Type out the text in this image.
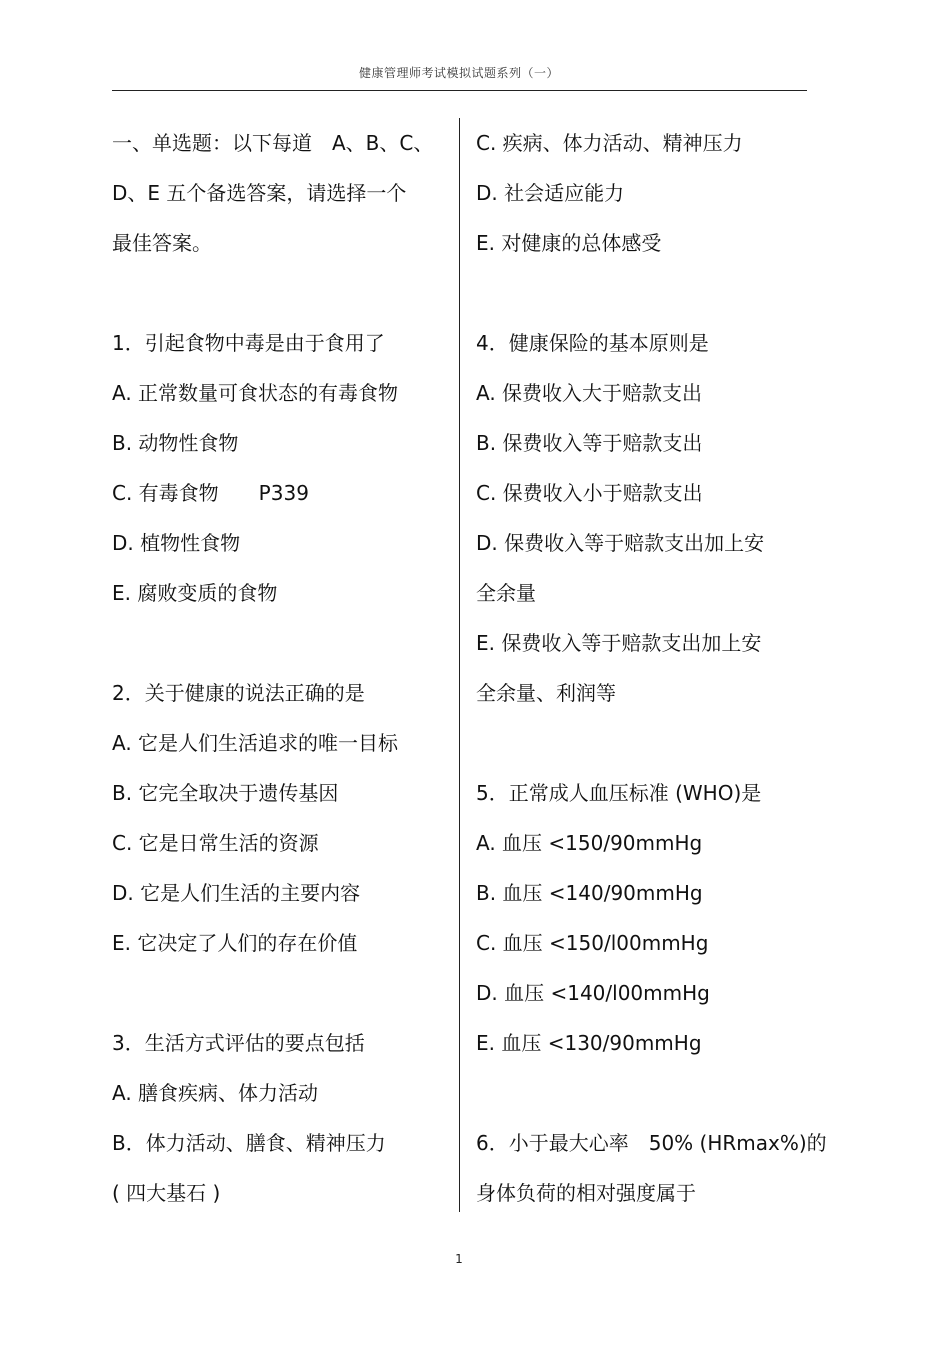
健康管理师考试模拟试题系列（一）
一、单选题：以下每道　A、B、C、
D、E 五个备选答案，请选择一个
最佳答案。
1．引起食物中毒是由于食用了
A. 正常数量可食状态的有毒食物
B. 动物性食物
C. 有毒食物　　P339
D. 植物性食物
E. 腐败变质的食物
2．关于健康的说法正确的是
A. 它是人们生活追求的唯一目标
B. 它完全取决于遗传基因
C. 它是日常生活的资源
D. 它是人们生活的主要内容
E. 它决定了人们的存在价值
3．生活方式评估的要点包括
A. 膳食疾病、体力活动
B．体力活动、膳食、精神压力
( 四大基石 )
C. 疾病、体力活动、精神压力
D. 社会适应能力
E. 对健康的总体感受
4．健康保险的基本原则是
A. 保费收入大于赔款支出
B. 保费收入等于赔款支出
C. 保费收入小于赔款支出
D. 保费收入等于赔款支出加上安
全余量
E. 保费收入等于赔款支出加上安
全余量、利润等
5．正常成人血压标准 (WHO)是
A. 血压 <150/90mmHg
B. 血压 <140/90mmHg
C. 血压 <150/l00mmHg
D. 血压 <140/l00mmHg
E. 血压 <130/90mmHg
6．小于最大心率　50% (HRmax%)的
身体负荷的相对强度属于
1
